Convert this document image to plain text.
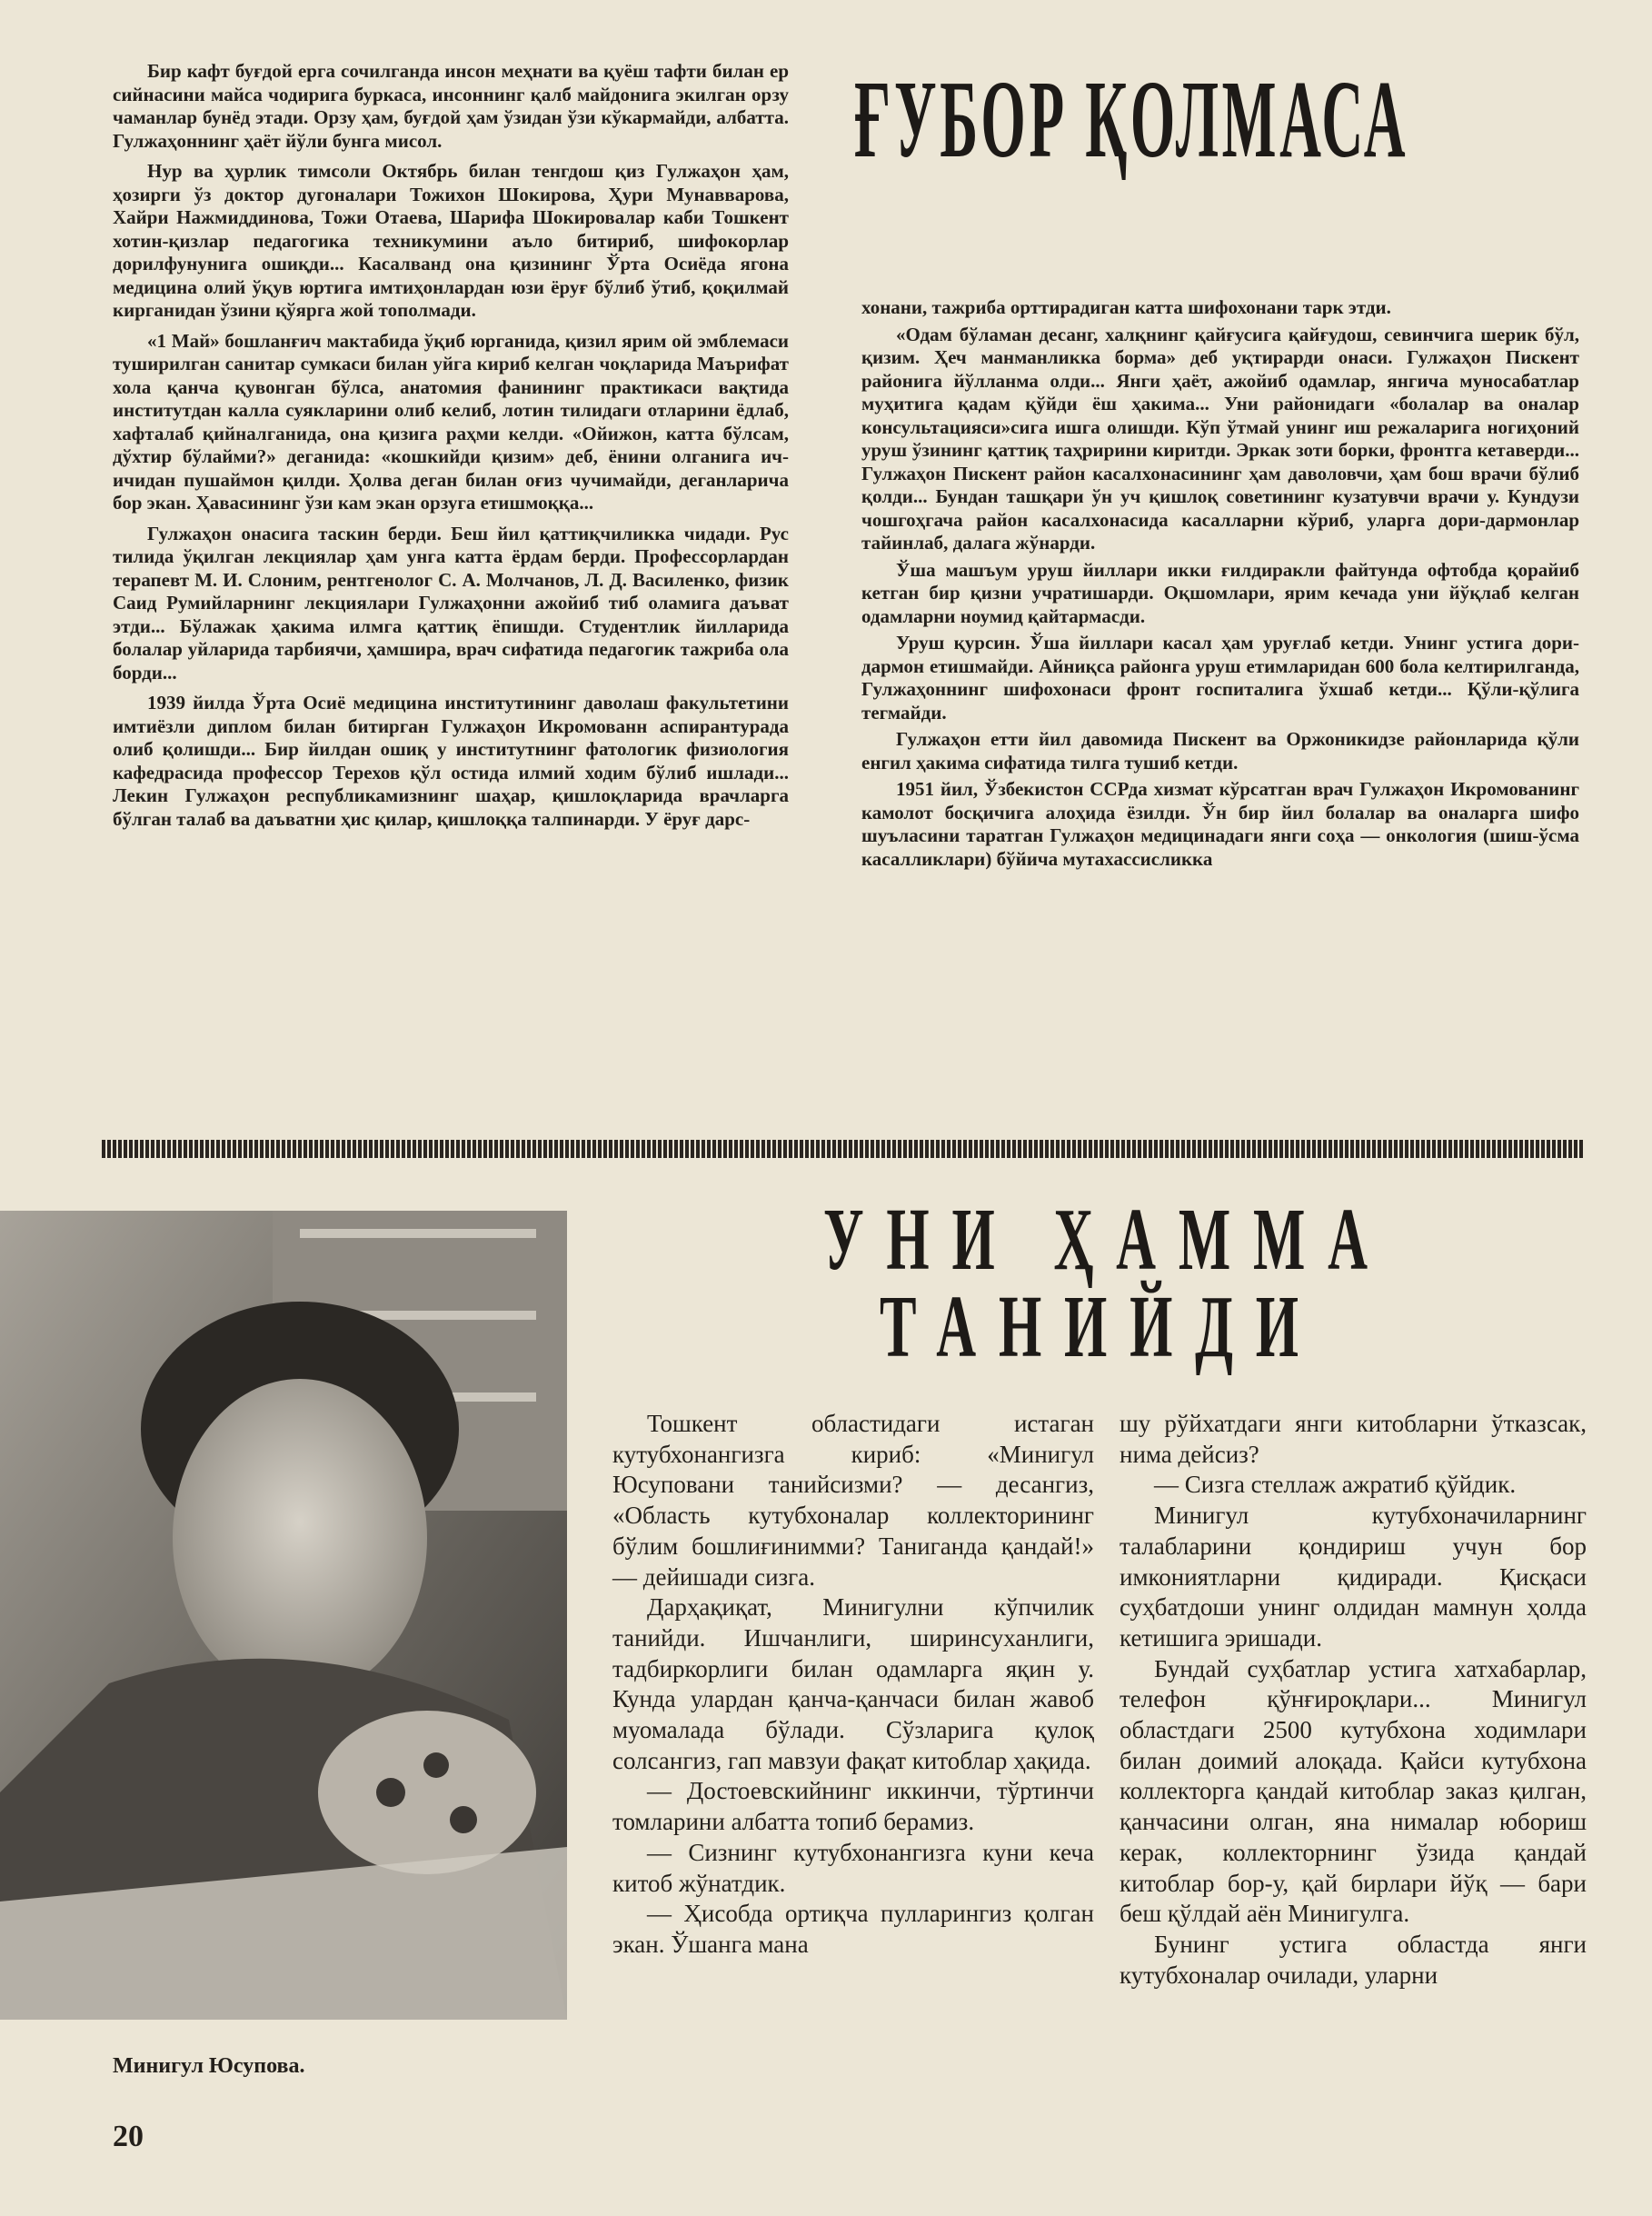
Бир кафт буғдой ерга сочилганда инсон меҳнати ва қуёш тафти билан ер сийнасини майса чодирига буркаса, инсоннинг қалб майдонига экилган орзу чаманлар бунёд этади. Орзу ҳам, буғдой ҳам ўзидан ўзи кўкармайди, албатта. Гулжаҳоннинг ҳаёт йўли бунга мисол.

Нур ва ҳурлик тимсоли Октябрь билан тенгдош қиз Гулжаҳон ҳам, ҳозирги ўз доктор дугоналари Тожихон Шокирова, Ҳури Мунавварова, Хайри Нажмиддинова, Тожи Отаева, Шарифа Шокировалар каби Тошкент хотин-қизлар педагогика техникумини аъло битириб, шифокорлар дорилфунунига ошиқди... Касалванд она қизининг Ўрта Осиёда ягона медицина олий ўқув юртига имтиҳонлардан юзи ёруғ бўлиб ўтиб, қоқилмай кирганидан ўзини қўярга жой тополмади.

«1 Май» бошланғич мактабида ўқиб юрганида, қизил ярим ой эмблемаси туширилган санитар сумкаси билан уйга кириб келган чоқларида Маърифат хола қанча қувонган бўлса, анатомия фанининг практикаси вақтида институтдан калла суякларини олиб келиб, лотин тилидаги отларини ёдлаб, хафталаб қийналганида, она қизига раҳми келди. «Ойижон, катта бўлсам, дўхтир бўлайми?» деганида: «кошкийди қизим» деб, ёнини олганига ич-ичидан пушаймон қилди. Ҳолва деган билан оғиз чучимайди, деганларича бор экан. Ҳавасининг ўзи кам экан орзуга етишмоққа...

Гулжаҳон онасига таскин берди. Беш йил қаттиқчиликка чидади. Рус тилида ўқилган лекциялар ҳам унга катта ёрдам берди. Профессорлардан терапевт М. И. Слоним, рентгенолог С. А. Молчанов, Л. Д. Василенко, физик Саид Румийларнинг лекциялари Гулжаҳонни ажойиб тиб оламига даъват этди... Бўлажак ҳакима илмга қаттиқ ёпишди. Студентлик йилларида болалар уйларида тарбиячи, ҳамшира, врач сифатида педагогик тажриба ола борди...

1939 йилда Ўрта Осиё медицина институтининг даволаш факультетини имтиёзли диплом билан битирган Гулжаҳон Икромованн аспирантурада олиб қолишди... Бир йилдан ошиқ у институтнинг фатологик физиология кафедрасида профессор Терехов қўл остида илмий ходим бўлиб ишлади... Лекин Гулжаҳон республикамизнинг шаҳар, қишлоқларида врачларга бўлган талаб ва даъватни ҳис қилар, қишлоққа талпинарди. У ёруғ дарс-

ҒУБОР ҚОЛМАСА

хонани, тажриба орттирадиган катта шифохонани тарк этди.

«Одам бўламан десанг, халқнинг қайғусига қайғудош, севинчига шерик бўл, қизим. Ҳеч манманликка борма» деб уқтирарди онаси. Гулжаҳон Пискент районига йўлланма олди... Янги ҳаёт, ажойиб одамлар, янгича муносабатлар муҳитига қадам қўйди ёш ҳакима... Уни районидаги «болалар ва оналар консультацияси»сига ишга олишди. Кўп ўтмай унинг иш режаларига ногиҳоний уруш ўзининг қаттиқ таҳририни киритди. Эркак зоти борки, фронтга кетаверди... Гулжаҳон Пискент район касалхонасининг ҳам даволовчи, ҳам бош врачи бўлиб қолди... Бундан ташқари ўн уч қишлоқ советининг кузатувчи врачи у. Кундузи чошгоҳгача район касалхонасида касалларни кўриб, уларга дори-дармонлар тайинлаб, далага жўнарди.

Ўша машъум уруш йиллари икки ғилдиракли файтунда офтобда қорайиб кетган бир қизни учратишарди. Оқшомлари, ярим кечада уни йўқлаб келган одамларни ноумид қайтармасди.

Уруш қурсин. Ўша йиллари касал ҳам уруғлаб кетди. Унинг устига дори-дармон етишмайди. Айниқса районга уруш етимларидан 600 бола келтирилганда, Гулжаҳоннинг шифохонаси фронт госпиталига ўхшаб кетди... Қўли-қўлига тегмайди.

Гулжаҳон етти йил давомида Пискент ва Оржоникидзе районларида қўли енгил ҳакима сифатида тилга тушиб кетди.

1951 йил, Ўзбекистон ССРда хизмат кўрсатган врач Гулжаҳон Икромованинг камолот босқичига алоҳида ёзилди. Ўн бир йил болалар ва оналарга шифо шуъласини таратган Гулжаҳон медицинадаги янги соҳа — онкология (шиш-ўсма касалликлари) бўйича мутахассисликка

Минигул Юсупова.

УНИ ҲАММА
ТАНИЙДИ

Тошкент областидаги истаган кутубхонангизга кириб: «Минигул Юсуповани танийсизми? — десангиз, «Область кутубхоналар коллекторининг бўлим бошлиғинимми? Таниганда қандай!» — дейишади сизга.

Дарҳақиқат, Минигулни кўпчилик танийди. Ишчанлиги, ширинсуханлиги, тадбиркорлиги билан одамларга яқин у. Кунда улардан қанча-қанчаси билан жавоб муомалада бўлади. Сўзларига қулоқ солсангиз, гап мавзуи фақат китоблар ҳақида.

— Достоевскийнинг иккинчи, тўртинчи томларини албатта топиб берамиз.

— Сизнинг кутубхонангизга куни кеча китоб жўнатдик.

— Ҳисобда ортиқча пулларингиз қолган экан. Ўшанга мана

шу рўйхатдаги янги китобларни ўтказсак, нима дейсиз?

— Сизга стеллаж ажратиб қўйдик.

Минигул кутубхоначиларнинг талабларини қондириш учун бор имкониятларни қидиради. Қисқаси суҳбатдоши унинг олдидан мамнун ҳолда кетишига эришади.

Бундай суҳбатлар устига хатхабарлар, телефон қўнғироқлари... Минигул областдаги 2500 кутубхона ходимлари билан доимий алоқада. Қайси кутубхона коллекторга қандай китоблар заказ қилган, қанчасини олган, яна нималар юбориш керак, коллекторнинг ўзида қандай китоблар бор-у, қай бирлари йўқ — бари беш қўлдай аён Минигулга.

Бунинг устига областда янги кутубхоналар очилади, уларни

20
